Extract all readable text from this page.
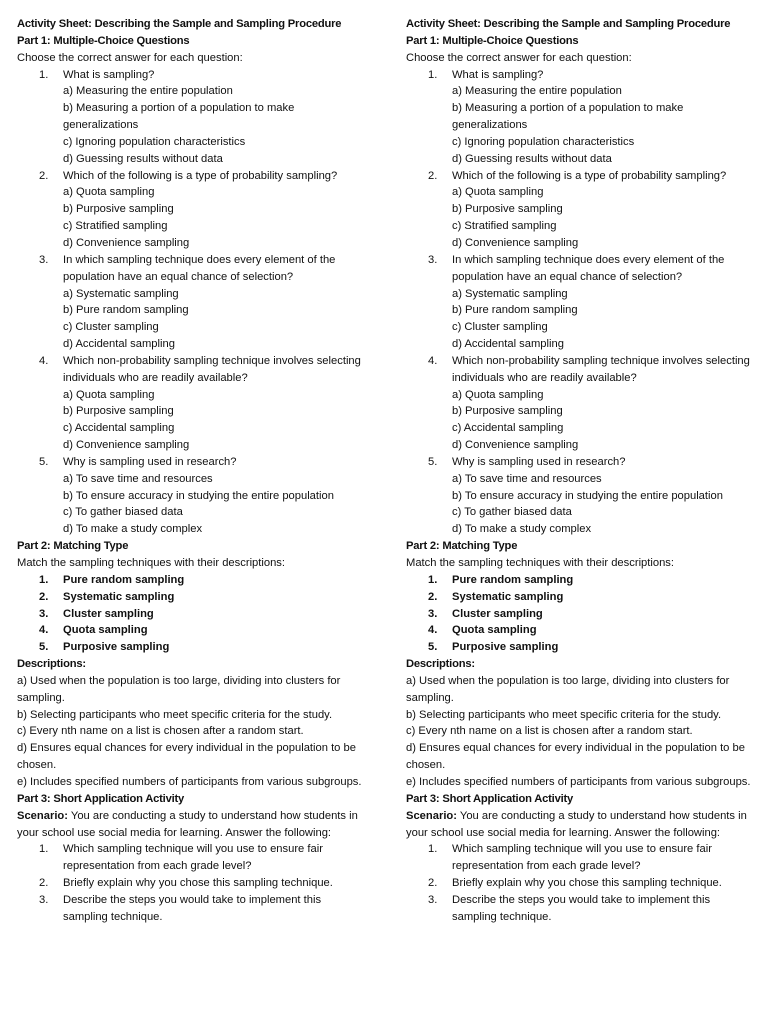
Activity Sheet: Describing the Sample and Sampling Procedure
Part 1: Multiple-Choice Questions
Choose the correct answer for each question:
1.	What is sampling?
a) Measuring the entire population
b) Measuring a portion of a population to make generalizations
c) Ignoring population characteristics
d) Guessing results without data
2.	Which of the following is a type of probability sampling?
a) Quota sampling
b) Purposive sampling
c) Stratified sampling
d) Convenience sampling
3.	In which sampling technique does every element of the population have an equal chance of selection?
a) Systematic sampling
b) Pure random sampling
c) Cluster sampling
d) Accidental sampling
4.	Which non-probability sampling technique involves selecting individuals who are readily available?
a) Quota sampling
b) Purposive sampling
c) Accidental sampling
d) Convenience sampling
5.	Why is sampling used in research?
a) To save time and resources
b) To ensure accuracy in studying the entire population
c) To gather biased data
d) To make a study complex
Part 2: Matching Type
Match the sampling techniques with their descriptions:
1.	Pure random sampling
2.	Systematic sampling
3.	Cluster sampling
4.	Quota sampling
5.	Purposive sampling
Descriptions:
a) Used when the population is too large, dividing into clusters for sampling.
b) Selecting participants who meet specific criteria for the study.
c) Every nth name on a list is chosen after a random start.
d) Ensures equal chances for every individual in the population to be chosen.
e) Includes specified numbers of participants from various subgroups.
Part 3: Short Application Activity
Scenario: You are conducting a study to understand how students in your school use social media for learning. Answer the following:
1.	Which sampling technique will you use to ensure fair representation from each grade level?
2.	Briefly explain why you chose this sampling technique.
3.	Describe the steps you would take to implement this sampling technique.
Activity Sheet: Describing the Sample and Sampling Procedure
Part 1: Multiple-Choice Questions
Choose the correct answer for each question:
1.	What is sampling?
a) Measuring the entire population
b) Measuring a portion of a population to make generalizations
c) Ignoring population characteristics
d) Guessing results without data
2.	Which of the following is a type of probability sampling?
a) Quota sampling
b) Purposive sampling
c) Stratified sampling
d) Convenience sampling
3.	In which sampling technique does every element of the population have an equal chance of selection?
a) Systematic sampling
b) Pure random sampling
c) Cluster sampling
d) Accidental sampling
4.	Which non-probability sampling technique involves selecting individuals who are readily available?
a) Quota sampling
b) Purposive sampling
c) Accidental sampling
d) Convenience sampling
5.	Why is sampling used in research?
a) To save time and resources
b) To ensure accuracy in studying the entire population
c) To gather biased data
d) To make a study complex
Part 2: Matching Type
Match the sampling techniques with their descriptions:
1.	Pure random sampling
2.	Systematic sampling
3.	Cluster sampling
4.	Quota sampling
5.	Purposive sampling
Descriptions:
a) Used when the population is too large, dividing into clusters for sampling.
b) Selecting participants who meet specific criteria for the study.
c) Every nth name on a list is chosen after a random start.
d) Ensures equal chances for every individual in the population to be chosen.
e) Includes specified numbers of participants from various subgroups.
Part 3: Short Application Activity
Scenario: You are conducting a study to understand how students in your school use social media for learning. Answer the following:
1.	Which sampling technique will you use to ensure fair representation from each grade level?
2.	Briefly explain why you chose this sampling technique.
3.	Describe the steps you would take to implement this sampling technique.
